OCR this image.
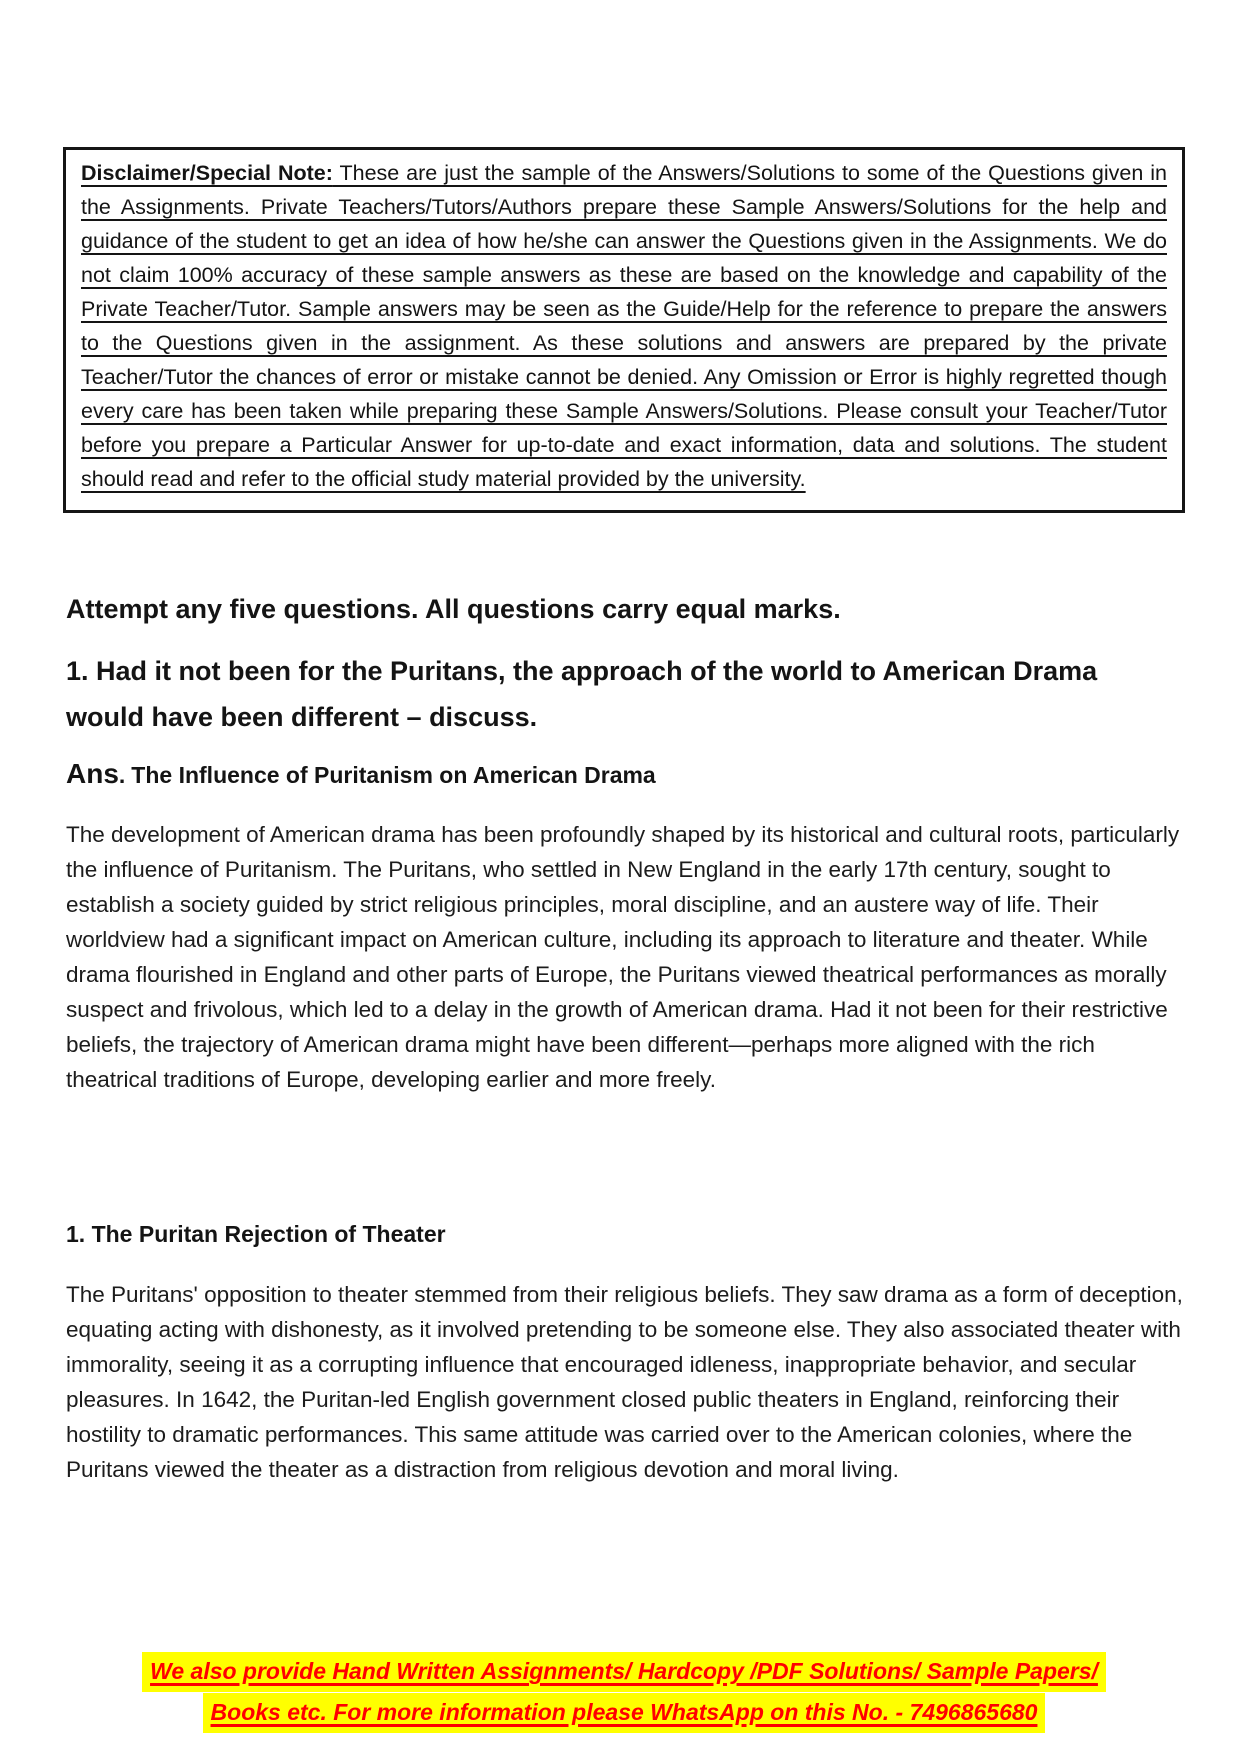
Disclaimer/Special Note: These are just the sample of the Answers/Solutions to some of the Questions given in the Assignments. Private Teachers/Tutors/Authors prepare these Sample Answers/Solutions for the help and guidance of the student to get an idea of how he/she can answer the Questions given in the Assignments. We do not claim 100% accuracy of these sample answers as these are based on the knowledge and capability of the Private Teacher/Tutor. Sample answers may be seen as the Guide/Help for the reference to prepare the answers to the Questions given in the assignment. As these solutions and answers are prepared by the private Teacher/Tutor the chances of error or mistake cannot be denied. Any Omission or Error is highly regretted though every care has been taken while preparing these Sample Answers/Solutions. Please consult your Teacher/Tutor before you prepare a Particular Answer for up-to-date and exact information, data and solutions. The student should read and refer to the official study material provided by the university.
Attempt any five questions. All questions carry equal marks.
1. Had it not been for the Puritans, the approach of the world to American Drama would have been different – discuss.
Ans. The Influence of Puritanism on American Drama
The development of American drama has been profoundly shaped by its historical and cultural roots, particularly the influence of Puritanism. The Puritans, who settled in New England in the early 17th century, sought to establish a society guided by strict religious principles, moral discipline, and an austere way of life. Their worldview had a significant impact on American culture, including its approach to literature and theater. While drama flourished in England and other parts of Europe, the Puritans viewed theatrical performances as morally suspect and frivolous, which led to a delay in the growth of American drama. Had it not been for their restrictive beliefs, the trajectory of American drama might have been different—perhaps more aligned with the rich theatrical traditions of Europe, developing earlier and more freely.
1. The Puritan Rejection of Theater
The Puritans' opposition to theater stemmed from their religious beliefs. They saw drama as a form of deception, equating acting with dishonesty, as it involved pretending to be someone else. They also associated theater with immorality, seeing it as a corrupting influence that encouraged idleness, inappropriate behavior, and secular pleasures. In 1642, the Puritan-led English government closed public theaters in England, reinforcing their hostility to dramatic performances. This same attitude was carried over to the American colonies, where the Puritans viewed the theater as a distraction from religious devotion and moral living.
We also provide Hand Written Assignments/ Hardcopy /PDF Solutions/ Sample Papers/
Books etc. For more information please WhatsApp on this No. - 7496865680
